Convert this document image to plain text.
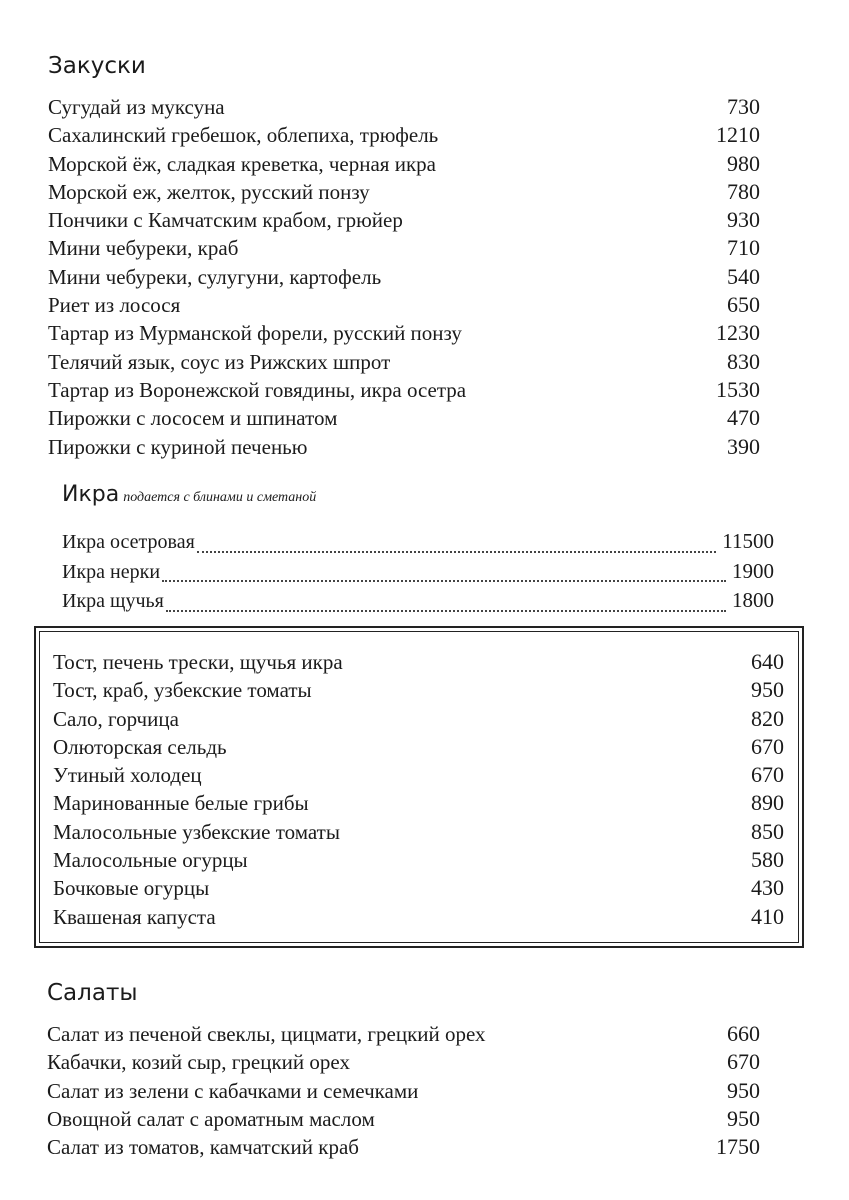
Закуски
Сугудай из муксуна	730
Сахалинский гребешок, облепиха, трюфель	1210
Морской ёж, сладкая креветка, черная икра	980
Морской еж, желток, русский понзу	780
Пончики с Камчатским крабом, грюйер	930
Мини чебуреки, краб	710
Мини чебуреки, сулугуни, картофель	540
Риет из лосося	650
Тартар из Мурманской форели, русский понзу	1230
Телячий язык, соус из Рижских шпрот	830
Тартар из Воронежской говядины, икра осетра	1530
Пирожки с лососем и шпинатом	470
Пирожки с куриной печенью	390
Икра подается с блинами и сметаной
Икра осетровая	11500
Икра нерки	1900
Икра щучья	1800
Тост, печень трески, щучья икра	640
Тост, краб, узбекские томаты	950
Сало, горчица	820
Олюторская сельдь	670
Утиный холодец	670
Маринованные белые грибы	890
Малосольные узбекские томаты	850
Малосольные огурцы	580
Бочковые огурцы	430
Квашеная капуста	410
Салаты
Салат из печеной свеклы, цицмати, грецкий орех	660
Кабачки, козий сыр, грецкий орех	670
Салат из зелени с кабачками и семечками	950
Овощной салат с ароматным маслом	950
Салат из томатов, камчатский краб	1750
